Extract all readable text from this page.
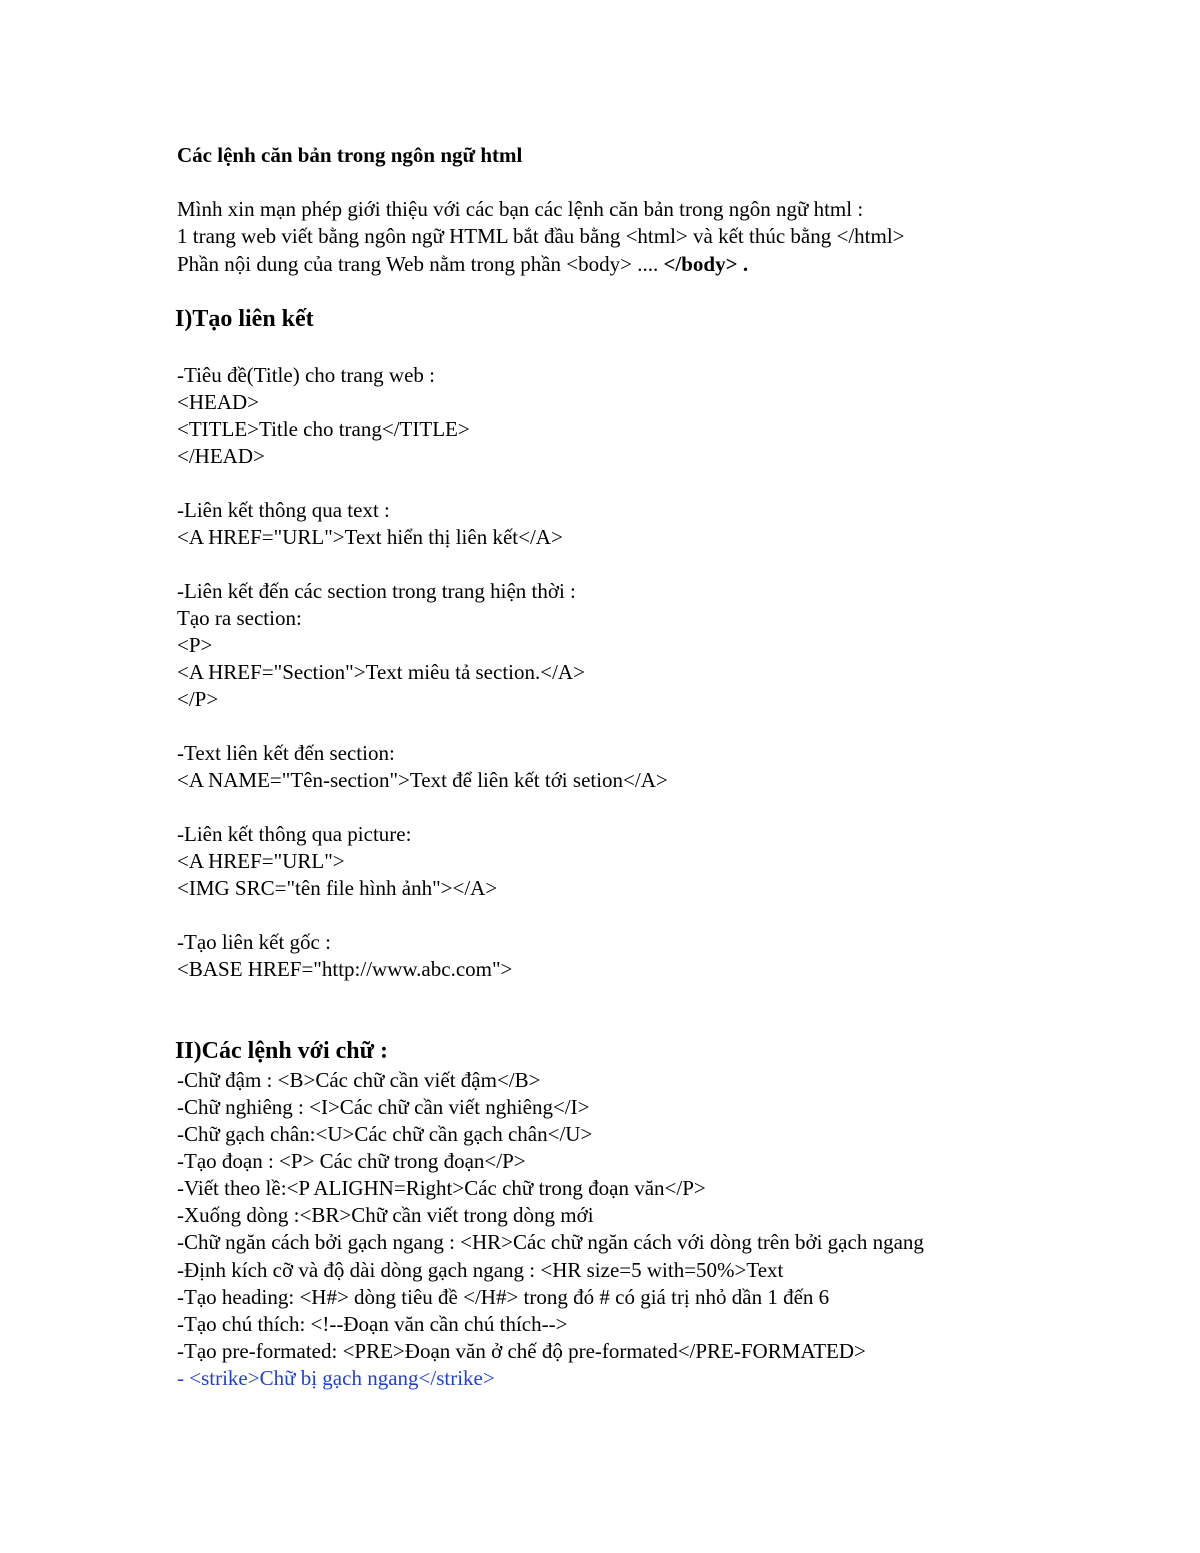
Các lệnh căn bản trong ngôn ngữ html
Mình xin mạn phép giới thiệu với các bạn các lệnh căn bản trong ngôn ngữ html :
1 trang web viết bằng ngôn ngữ HTML bắt đầu bằng <html> và kết thúc bằng </html>
Phần nội dung của trang Web nằm trong phần <body> .... </body> .
I)Tạo liên kết
-Tiêu đề(Title) cho trang web :
<HEAD>
<TITLE>Title cho trang</TITLE>
</HEAD>
-Liên kết thông qua text :
<A HREF="URL">Text hiển thị liên kết</A>
-Liên kết đến các section trong trang hiện thời :
Tạo ra section:
<P>
<A HREF="Section">Text miêu tả section.</A>
</P>
-Text liên kết đến section:
<A NAME="Tên-section">Text để liên kết tới setion</A>
-Liên kết thông qua picture:
<A HREF="URL">
<IMG SRC="tên file hình ảnh"></A>
-Tạo liên kết gốc :
<BASE HREF="http://www.abc.com">
II)Các lệnh với chữ :
-Chữ đậm : <B>Các chữ cần viết đậm</B>
-Chữ nghiêng : <I>Các chữ cần viết nghiêng</I>
-Chữ gạch chân:<U>Các chữ cần gạch chân</U>
-Tạo đoạn : <P> Các chữ trong đoạn</P>
-Viết theo lề:<P ALIGHN=Right>Các chữ trong đoạn văn</P>
-Xuống dòng :<BR>Chữ cần viết trong dòng mới
-Chữ ngăn cách bởi gạch ngang : <HR>Các chữ ngăn cách với dòng trên bởi gạch ngang
-Định kích cỡ và độ dài dòng gạch ngang : <HR size=5 with=50%>Text
-Tạo heading: <H#> dòng tiêu đề </H#> trong đó # có giá trị nhỏ dần 1 đến 6
-Tạo chú thích: <!--Đoạn văn cần chú thích-->
-Tạo pre-formated: <PRE>Đoạn văn ở chế độ pre-formated</PRE-FORMATED>
- <strike>Chữ bị gạch ngang</strike>
